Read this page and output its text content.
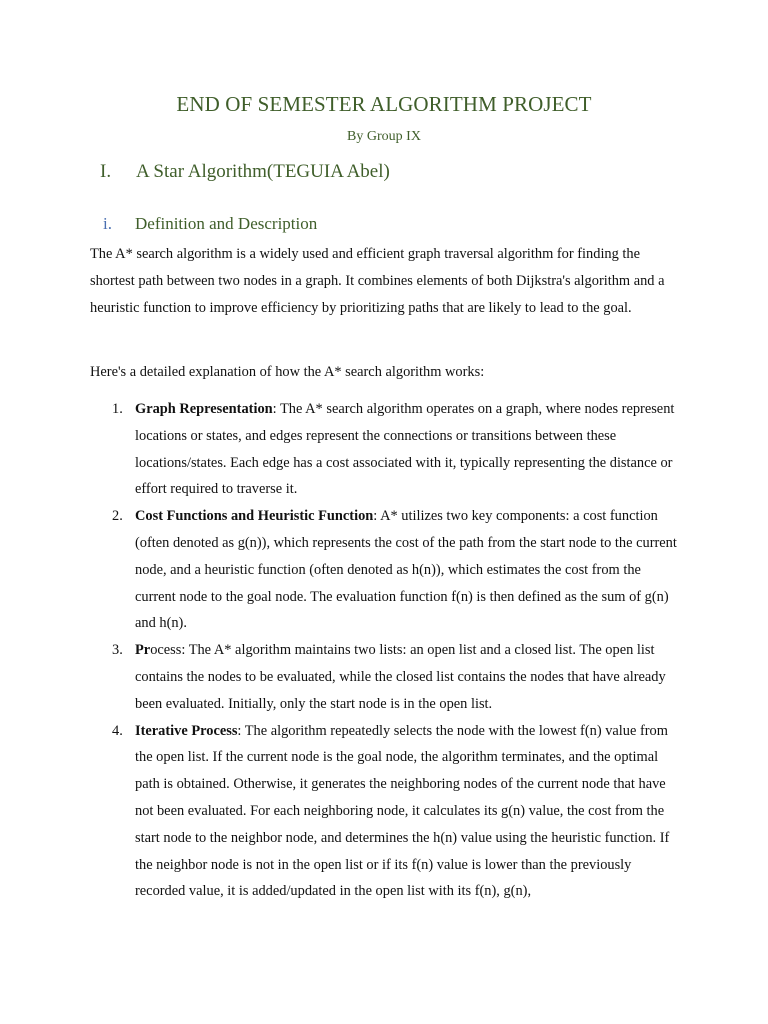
END OF SEMESTER ALGORITHM PROJECT
By Group IX
I. A Star Algorithm(TEGUIA Abel)
i. Definition and Description

The A* search algorithm is a widely used and efficient graph traversal algorithm for finding the shortest path between two nodes in a graph. It combines elements of both Dijkstra's algorithm and a heuristic function to improve efficiency by prioritizing paths that are likely to lead to the goal.

Here's a detailed explanation of how the A* search algorithm works:

1. Graph Representation: The A* search algorithm operates on a graph, where nodes represent locations or states, and edges represent the connections or transitions between these locations/states. Each edge has a cost associated with it, typically representing the distance or effort required to traverse it.
2. Cost Functions and Heuristic Function: A* utilizes two key components: a cost function (often denoted as g(n)), which represents the cost of the path from the start node to the current node, and a heuristic function (often denoted as h(n)), which estimates the cost from the current node to the goal node. The evaluation function f(n) is then defined as the sum of g(n) and h(n).
3. Process: The A* algorithm maintains two lists: an open list and a closed list. The open list contains the nodes to be evaluated, while the closed list contains the nodes that have already been evaluated. Initially, only the start node is in the open list.
4. Iterative Process: The algorithm repeatedly selects the node with the lowest f(n) value from the open list. If the current node is the goal node, the algorithm terminates, and the optimal path is obtained. Otherwise, it generates the neighboring nodes of the current node that have not been evaluated. For each neighboring node, it calculates its g(n) value, the cost from the start node to the neighbor node, and determines the h(n) value using the heuristic function. If the neighbor node is not in the open list or if its f(n) value is lower than the previously recorded value, it is added/updated in the open list with its f(n), g(n),
